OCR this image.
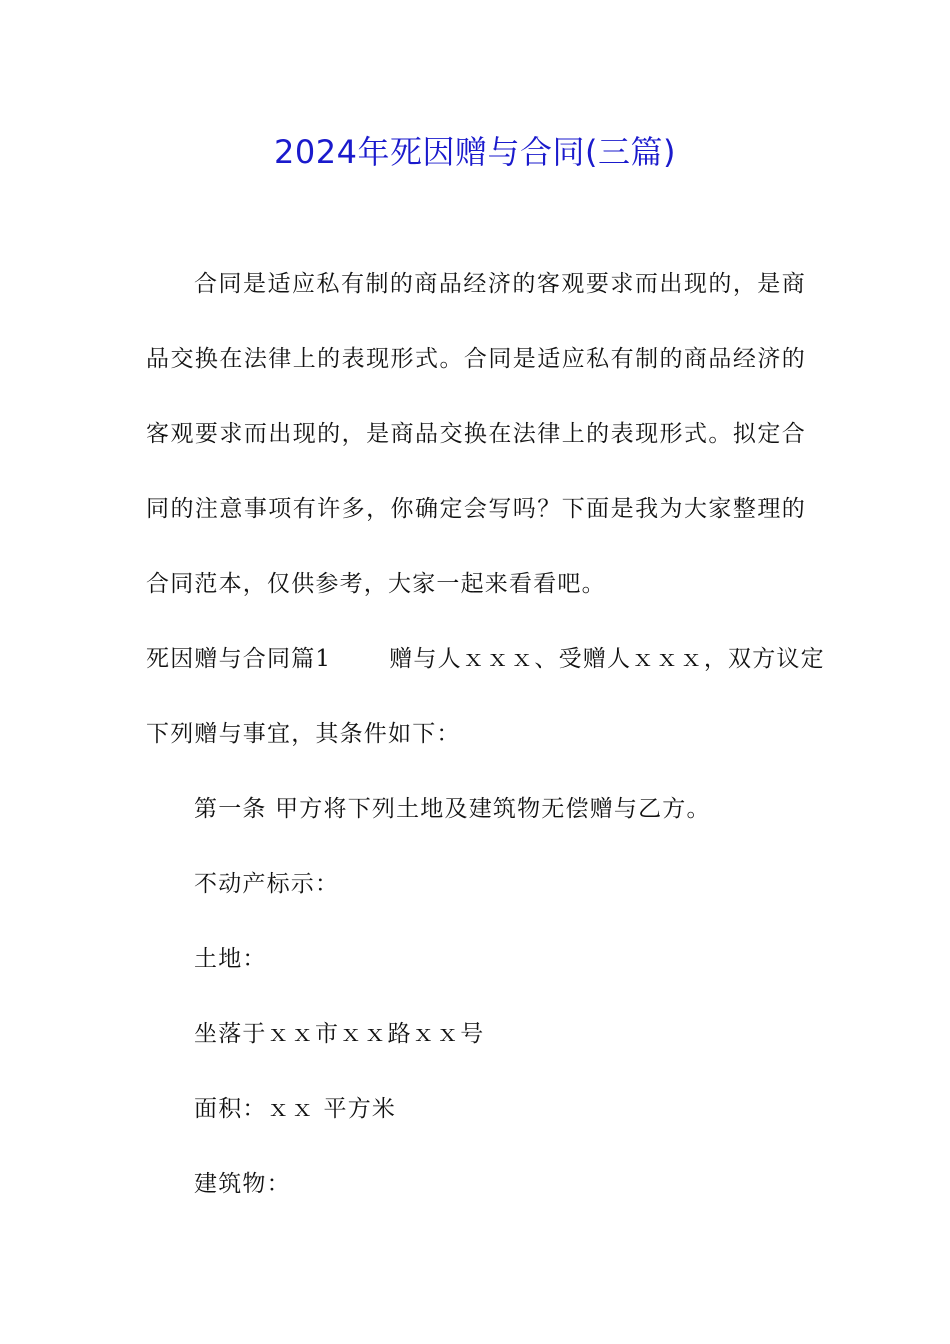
2024年死因赠与合同(三篇)
合同是适应私有制的商品经济的客观要求而出现的，是商
品交换在法律上的表现形式。合同是适应私有制的商品经济的
客观要求而出现的，是商品交换在法律上的表现形式。拟定合
同的注意事项有许多，你确定会写吗？下面是我为大家整理的
合同范本，仅供参考，大家一起来看看吧。
死因赠与合同篇1	赠与人ｘｘｘ、受赠人ｘｘｘ，双方议定
下列赠与事宜，其条件如下：
第一条 甲方将下列土地及建筑物无偿赠与乙方。
不动产标示：
土地：
坐落于ｘｘ市ｘｘ路ｘｘ号
面积：ｘｘ 平方米
建筑物：
